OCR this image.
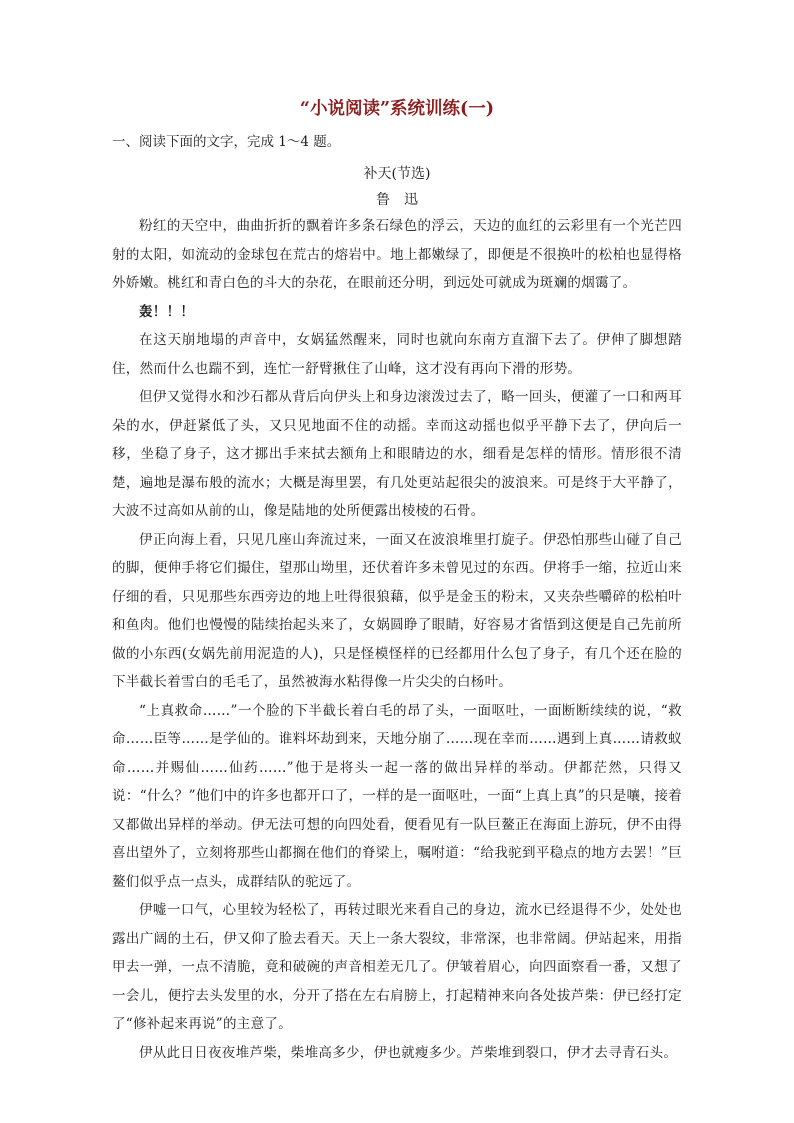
“小说阅读”系统训练(一)
一、阅读下面的文字，完成 1～4 题。
补天(节选)
鲁迅

粉红的天空中，曲曲折折的飘着许多条石绿色的浮云，天边的血红的云彩里有一个光芒四射的太阳，如流动的金球包在荒古的熔岩中。地上都嫩绿了，即便是不很换叶的松柏也显得格外娇嫩。桃红和青白色的斗大的杂花，在眼前还分明，到远处可就成为斑斓的烟霭了。

轰！！！

在这天崩地塌的声音中，女娲猛然醒来，同时也就向东南方直溜下去了。伊伸了脚想踏住，然而什么也踹不到，连忙一舒臂揪住了山峰，这才没有再向下滑的形势。

但伊又觉得水和沙石都从背后向伊头上和身边滚泼过去了，略一回头，便灌了一口和两耳朵的水，伊赶紧低了头，又只见地面不住的动摇。幸而这动摇也似乎平静下去了，伊向后一移，坐稳了身子，这才挪出手来拭去额角上和眼睛边的水，细看是怎样的情形。情形很不清楚，遍地是瀑布般的流水；大概是海里罢，有几处更站起很尖的波浪来。可是终于大平静了，大波不过高如从前的山，像是陆地的处所便露出棱棱的石骨。

伊正向海上看，只见几座山奔流过来，一面又在波浪堆里打旋子。伊恐怕那些山碰了自己的脚，便伸手将它们撮住，望那山坳里，还伏着许多未曾见过的东西。伊将手一缩，拉近山来仔细的看，只见那些东西旁边的地上吐得很狼藉，似乎是金玉的粉末，又夹杂些嚼碎的松柏叶和鱼肉。他们也慢慢的陆续抬起头来了，女娲圆睁了眼睛，好容易才省悟到这便是自己先前所做的小东西(女娲先前用泥造的人)，只是怪模怪样的已经都用什么包了身子，有几个还在脸的下半截长着雪白的毛毛了，虽然被海水粘得像一片尖尖的白杨叶。

“上真救命……”一个脸的下半截长着白毛的昂了头，一面呕吐，一面断断续续的说，“救命……臣等……是学仙的。谁料坏劫到来，天地分崩了……现在幸而……遇到上真……请救蚁命……并赐仙……仙药……”他于是将头一起一落的做出异样的举动。伊都茫然，只得又说：“什么？”他们中的许多也都开口了，一样的是一面呕吐，一面“上真上真”的只是嚷，接着又都做出异样的举动。伊无法可想的向四处看，便看见有一队巨鳌正在海面上游玩，伊不由得喜出望外了，立刻将那些山都搁在他们的脊梁上，嘱咐道：“给我驼到平稳点的地方去罢！”巨鳌们似乎点一点头，成群结队的驼远了。

伊嘘一口气，心里较为轻松了，再转过眼光来看自己的身边，流水已经退得不少，处处也露出广阔的土石，伊又仰了脸去看天。天上一条大裂纹，非常深，也非常阔。伊站起来，用指甲去一弹，一点不清脆，竟和破碗的声音相差无几了。伊皱着眉心，向四面察看一番，又想了一会儿，便拧去头发里的水，分开了搭在左右肩膀上，打起精神来向各处拔芦柴：伊已经打定了“修补起来再说”的主意了。

伊从此日日夜夜堆芦柴，柴堆高多少，伊也就瘦多少。芦柴堆到裂口，伊才去寻青石头。
